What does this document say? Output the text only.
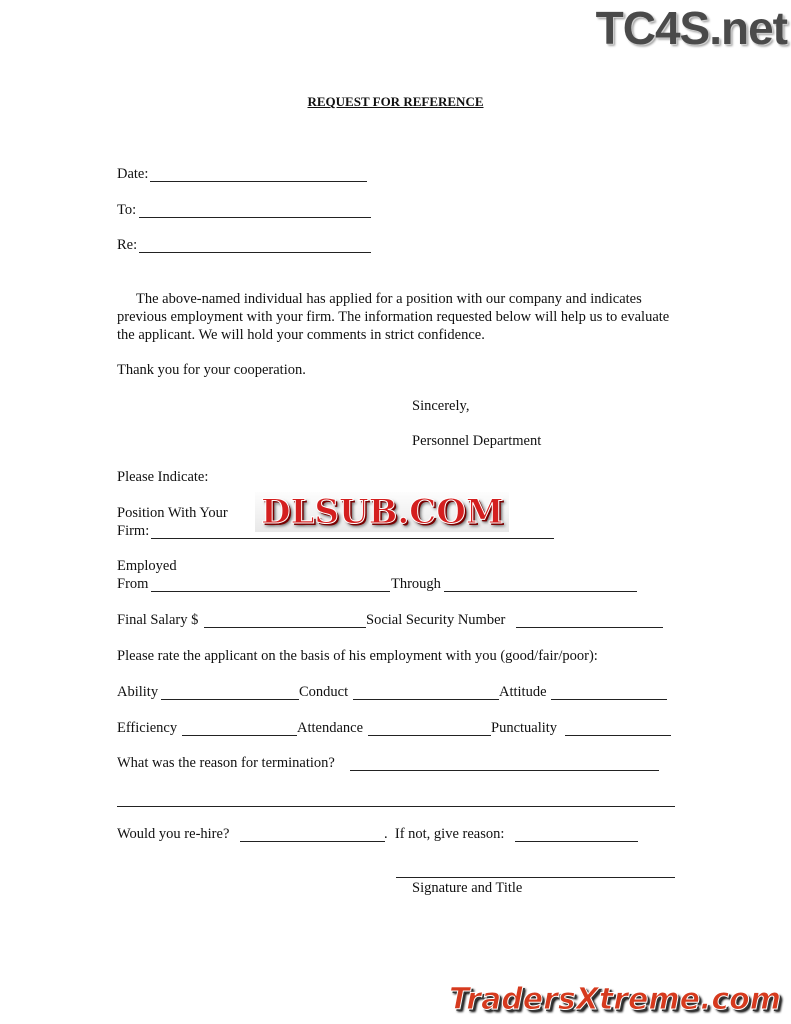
TC4S.net
REQUEST FOR REFERENCE
Date:
To:
Re:
The above-named individual has applied for a position with our company and indicates previous employment with your firm. The information requested below will help us to evaluate the applicant. We will hold your comments in strict confidence.
Thank you for your cooperation.
Sincerely,
Personnel Department
Please Indicate:
Position With Your
Firm:	DLSUB.COM
Employed
From	Through
Final Salary $	Social Security Number
Please rate the applicant on the basis of his employment with you (good/fair/poor):
Ability	Conduct	Attitude
Efficiency	Attendance	Punctuality
What was the reason for termination?
Would you re-hire?	.  If not, give reason:
Signature and Title
TradersXtreme.com
